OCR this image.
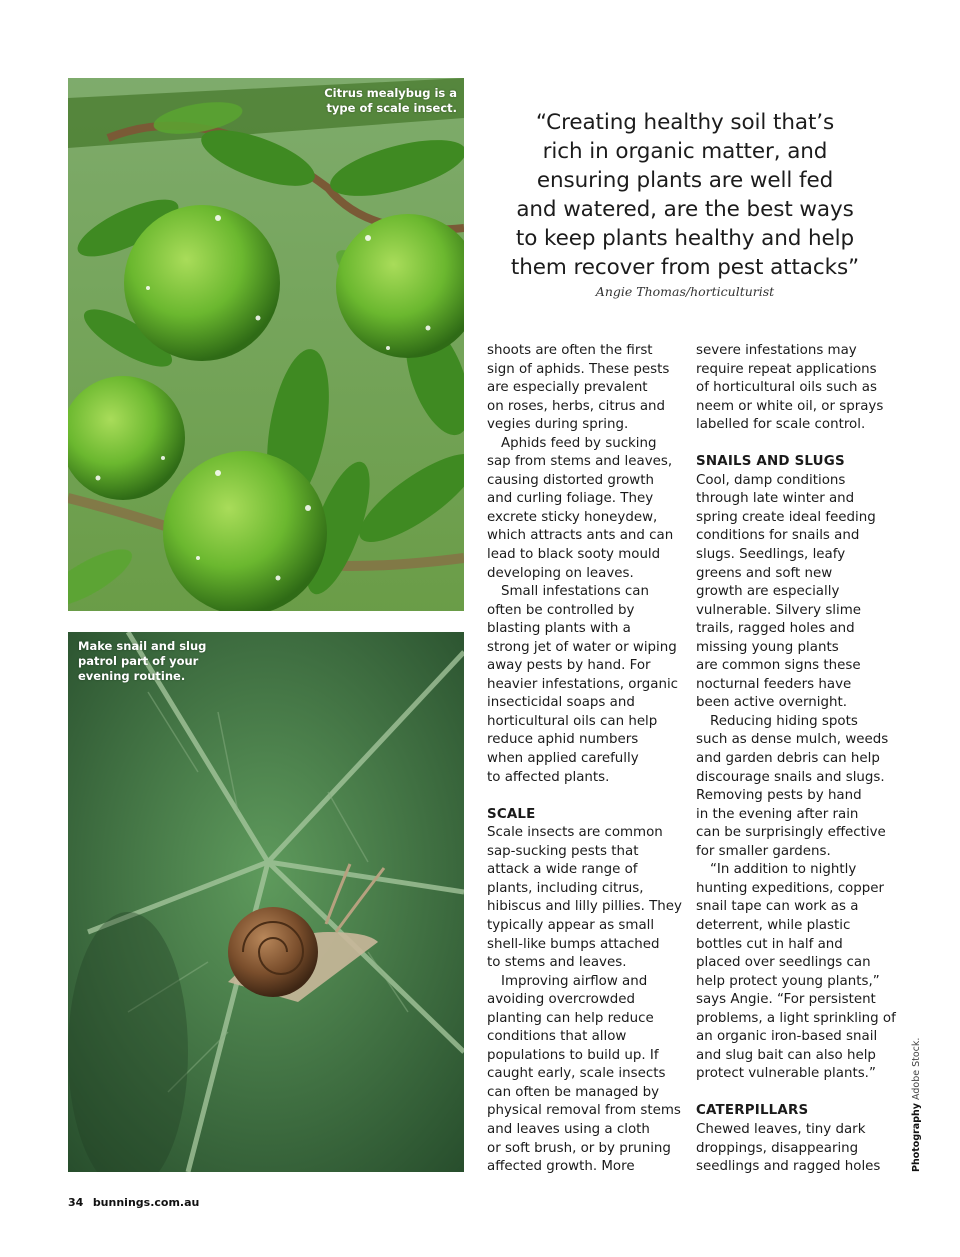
Citrus mealybug is a type of scale insect.
Make snail and slug patrol part of your evening routine.
“Creating healthy soil that’s
rich in organic matter, and
ensuring plants are well fed
and watered, are the best ways
to keep plants healthy and help
them recover from pest attacks”
Angie Thomas/horticulturist

shoots are often the first
sign of aphids. These pests
are especially prevalent
on roses, herbs, citrus and
vegies during spring.

Aphids feed by sucking
sap from stems and leaves,
causing distorted growth
and curling foliage. They
excrete sticky honeydew,
which attracts ants and can
lead to black sooty mould
developing on leaves.

Small infestations can
often be controlled by
blasting plants with a
strong jet of water or wiping
away pests by hand. For
heavier infestations, organic
insecticidal soaps and
horticultural oils can help
reduce aphid numbers
when applied carefully
to affected plants.

SCALE

Scale insects are common
sap-sucking pests that
attack a wide range of
plants, including citrus,
hibiscus and lilly pillies. They
typically appear as small
shell-like bumps attached
to stems and leaves.

Improving airflow and
avoiding overcrowded
planting can help reduce
conditions that allow
populations to build up. If
caught early, scale insects
can often be managed by
physical removal from stems
and leaves using a cloth
or soft brush, or by pruning
affected growth. More

severe infestations may
require repeat applications
of horticultural oils such as
neem or white oil, or sprays
labelled for scale control.

SNAILS AND SLUGS

Cool, damp conditions
through late winter and
spring create ideal feeding
conditions for snails and
slugs. Seedlings, leafy
greens and soft new
growth are especially
vulnerable. Silvery slime
trails, ragged holes and
missing young plants
are common signs these
nocturnal feeders have
been active overnight.

Reducing hiding spots
such as dense mulch, weeds
and garden debris can help
discourage snails and slugs.
Removing pests by hand
in the evening after rain
can be surprisingly effective
for smaller gardens.

“In addition to nightly
hunting expeditions, copper
snail tape can work as a
deterrent, while plastic
bottles cut in half and
placed over seedlings can
help protect young plants,”
says Angie. “For persistent
problems, a light sprinkling of
an organic iron-based snail
and slug bait can also help
protect vulnerable plants.”

CATERPILLARS

Chewed leaves, tiny dark
droppings, disappearing
seedlings and ragged holes	Photography Adobe Stock.
34 bunnings.com.au
